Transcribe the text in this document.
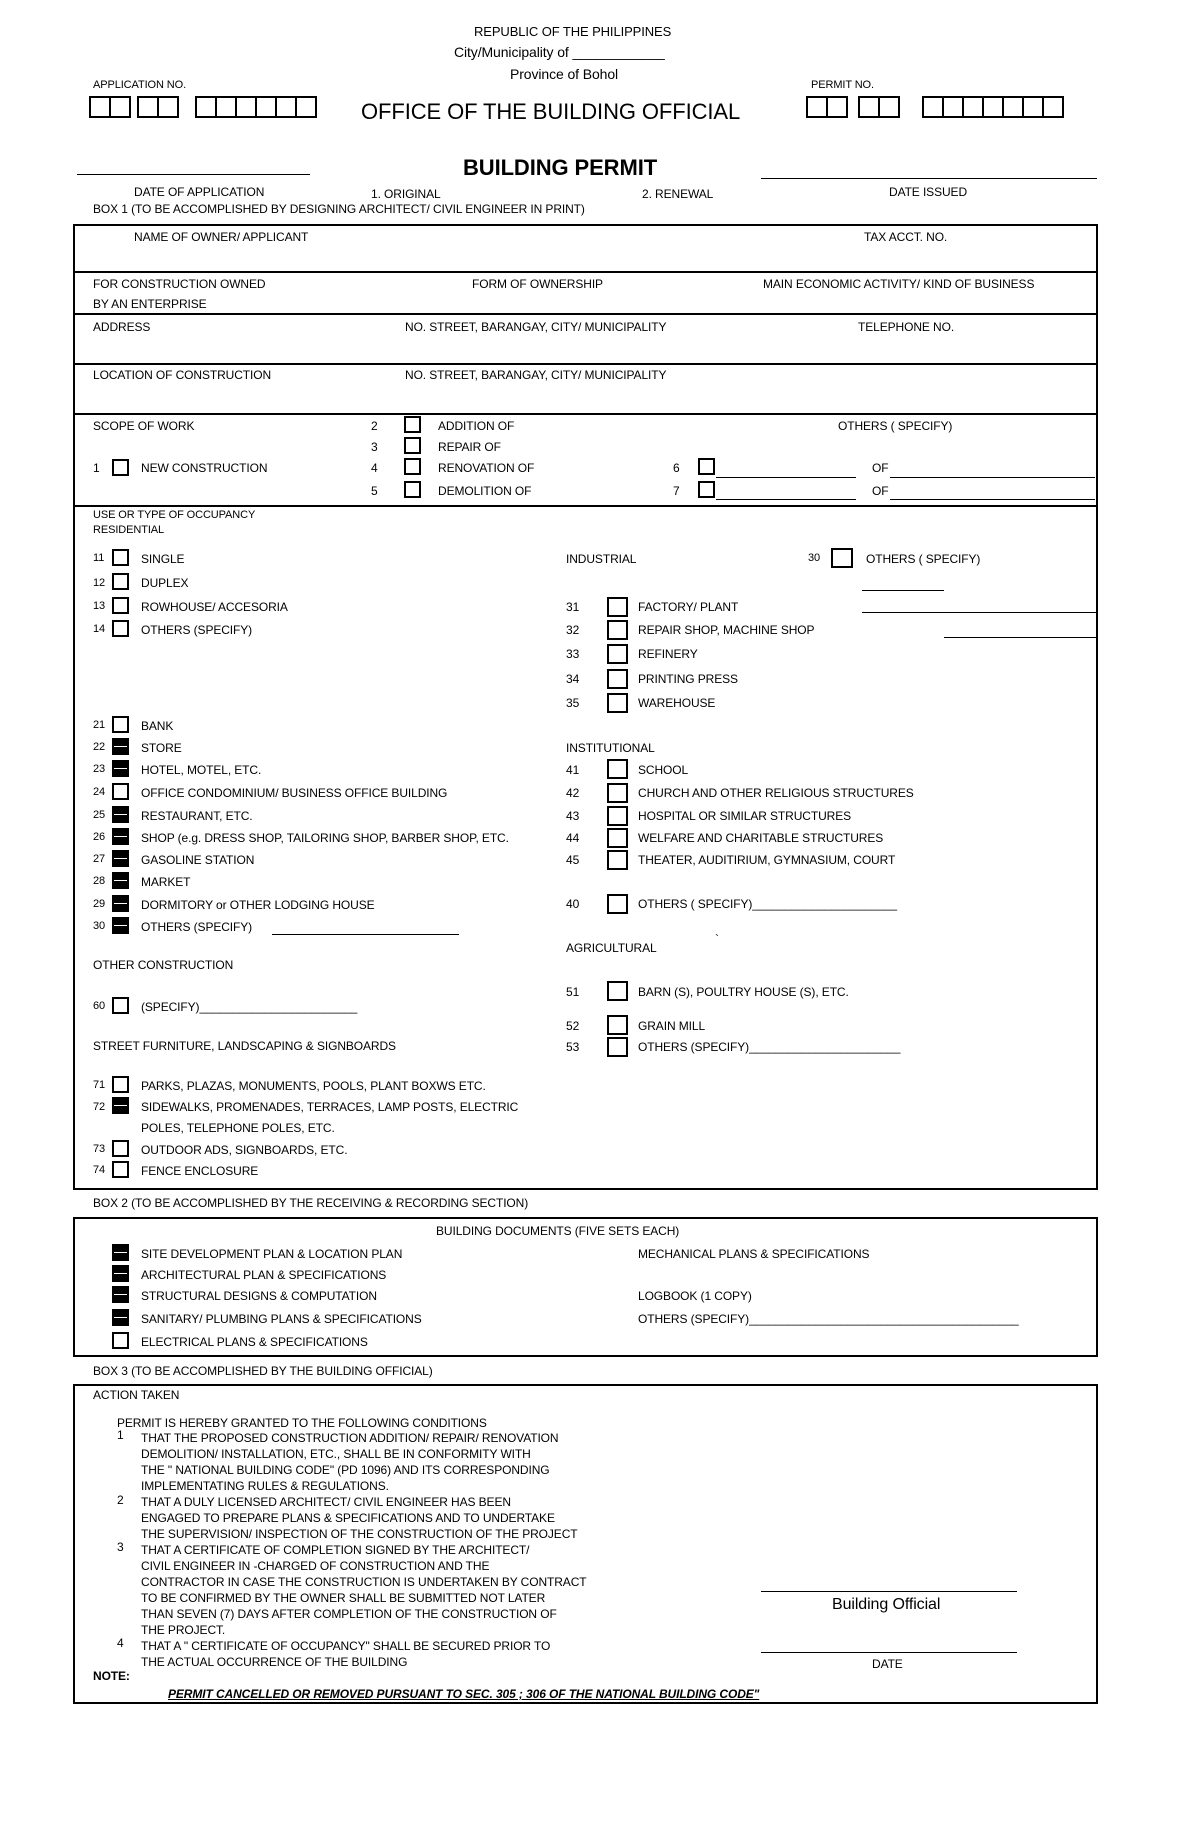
REPUBLIC OF THE PHILIPPINES
City/Municipality of ____________
Province of Bohol
APPLICATION NO.	PERMIT NO.
OFFICE OF THE BUILDING OFFICIAL
BUILDING PERMIT
DATE OF APPLICATION	1. ORIGINAL	2. RENEWAL	DATE ISSUED
BOX 1 (TO BE ACCOMPLISHED BY DESIGNING ARCHITECT/ CIVIL ENGINEER IN PRINT)
NAME OF OWNER/ APPLICANT	TAX ACCT. NO.
FOR CONSTRUCTION OWNED
BY AN ENTERPRISE
FORM OF OWNERSHIP	MAIN ECONOMIC ACTIVITY/ KIND OF BUSINESS
ADDRESS	NO. STREET, BARANGAY, CITY/ MUNICIPALITY	TELEPHONE NO.
LOCATION OF CONSTRUCTION	NO. STREET, BARANGAY, CITY/ MUNICIPALITY
SCOPE OF WORK	OTHERS ( SPECIFY)
2	ADDITION OF
3	REPAIR OF
1	NEW CONSTRUCTION	4	RENOVATION OF	6	OF
5	DEMOLITION OF	7	OF
USE OR TYPE OF OCCUPANCY
RESIDENTIAL
11	SINGLE
12	DUPLEX
13	ROWHOUSE/ ACCESORIA
14	OTHERS (SPECIFY)
21	BANK
22	STORE
23	HOTEL, MOTEL, ETC.
24	OFFICE CONDOMINIUM/ BUSINESS OFFICE BUILDING
25	RESTAURANT, ETC.
26	SHOP (e.g. DRESS SHOP, TAILORING SHOP, BARBER SHOP, ETC.
27	GASOLINE STATION
28	MARKET
29	DORMITORY or OTHER LODGING HOUSE
30	OTHERS (SPECIFY)
OTHER CONSTRUCTION
60	(SPECIFY)________________________
STREET FURNITURE, LANDSCAPING & SIGNBOARDS
71	PARKS, PLAZAS, MONUMENTS, POOLS, PLANT BOXWS ETC.
72	SIDEWALKS, PROMENADES, TERRACES, LAMP POSTS, ELECTRIC
POLES, TELEPHONE POLES, ETC.
73	OUTDOOR ADS, SIGNBOARDS, ETC.
74	FENCE ENCLOSURE
INDUSTRIAL	30	OTHERS ( SPECIFY)
31	FACTORY/ PLANT
32	REPAIR SHOP, MACHINE SHOP
33	REFINERY
34	PRINTING PRESS
35	WAREHOUSE
INSTITUTIONAL
41	SCHOOL
42	CHURCH AND OTHER RELIGIOUS STRUCTURES
43	HOSPITAL OR SIMILAR STRUCTURES
44	WELFARE AND CHARITABLE STRUCTURES
45	THEATER, AUDITIRIUM, GYMNASIUM, COURT
40	OTHERS ( SPECIFY)______________________
AGRICULTURAL
`
51	BARN (S), POULTRY HOUSE (S), ETC.
52	GRAIN MILL
53	OTHERS (SPECIFY)_______________________
BOX 2 (TO BE ACCOMPLISHED BY THE RECEIVING & RECORDING SECTION)
BUILDING DOCUMENTS (FIVE SETS EACH)
SITE DEVELOPMENT PLAN & LOCATION PLAN
ARCHITECTURAL PLAN & SPECIFICATIONS
STRUCTURAL DESIGNS & COMPUTATION
SANITARY/ PLUMBING PLANS & SPECIFICATIONS
ELECTRICAL PLANS & SPECIFICATIONS
MECHANICAL PLANS & SPECIFICATIONS
LOGBOOK (1 COPY)
OTHERS (SPECIFY)_________________________________________
BOX 3 (TO BE ACCOMPLISHED BY THE BUILDING OFFICIAL)
ACTION TAKEN
PERMIT IS HEREBY GRANTED TO THE FOLLOWING CONDITIONS
1 THAT THE PROPOSED CONSTRUCTION ADDITION/ REPAIR/ RENOVATION
DEMOLITION/ INSTALLATION, ETC., SHALL BE IN CONFORMITY WITH
THE " NATIONAL BUILDING CODE" (PD 1096) AND ITS CORRESPONDING
IMPLEMENTATING RULES & REGULATIONS.
2 THAT A DULY LICENSED ARCHITECT/ CIVIL ENGINEER HAS BEEN
ENGAGED TO PREPARE PLANS & SPECIFICATIONS AND TO UNDERTAKE
THE SUPERVISION/ INSPECTION OF THE CONSTRUCTION OF THE PROJECT
3 THAT A CERTIFICATE OF COMPLETION SIGNED BY THE ARCHITECT/
CIVIL ENGINEER IN -CHARGED OF CONSTRUCTION AND THE
CONTRACTOR IN CASE THE CONSTRUCTION IS UNDERTAKEN BY CONTRACT
TO BE CONFIRMED BY THE OWNER SHALL BE SUBMITTED NOT LATER
THAN SEVEN (7) DAYS AFTER COMPLETION OF THE CONSTRUCTION OF
THE PROJECT.
4 THAT A " CERTIFICATE OF OCCUPANCY" SHALL BE SECURED PRIOR TO
THE ACTUAL OCCURRENCE OF THE BUILDING
NOTE:
PERMIT CANCELLED OR REMOVED PURSUANT TO SEC. 305 ; 306 OF THE NATIONAL BUILDING CODE"
Building Official
DATE
